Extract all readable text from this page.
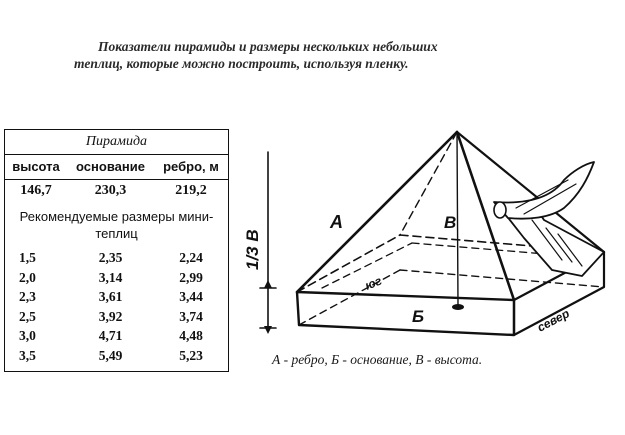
Показатели пирамиды и размеры нескольких небольших
теплиц, которые можно построить, используя пленку.
Пирамида
высота	основание	ребро, м
146,7	230,3	219,2
Рекомендуемые размеры мини-теплиц
1,5	2,35	2,24
2,0	3,14	2,99
2,3	3,61	3,44
2,5	3,92	3,74
3,0	4,71	4,48
3,5	5,49	5,23
А	В
Б
юг
север
1/3 В
А - ребро, Б - основание, В - высота.
